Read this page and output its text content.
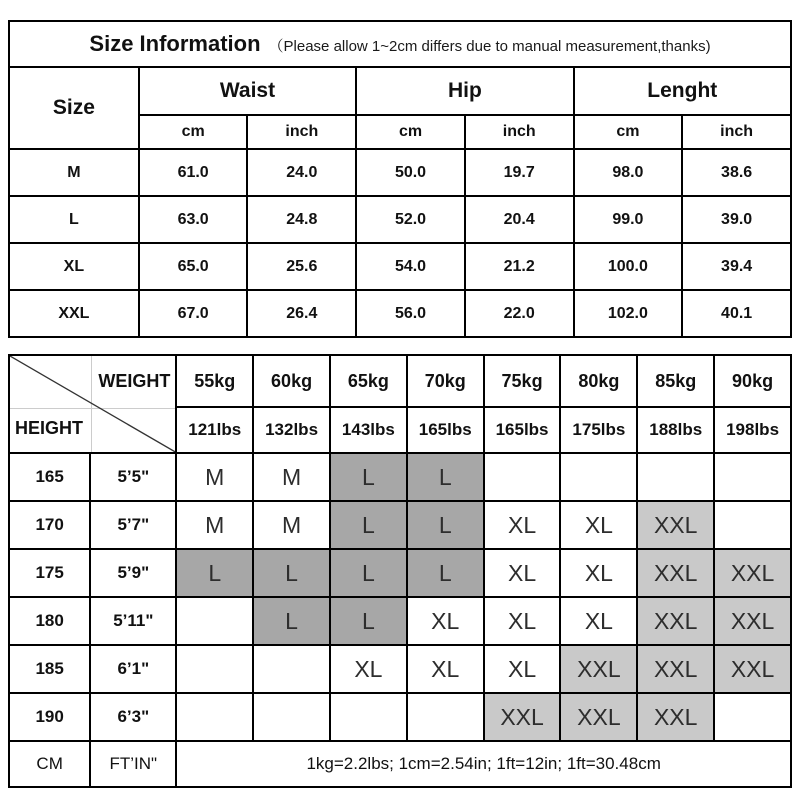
Size Information （Please allow 1~2cm differs due to manual measurement,thanks)						
Size	Waist		Hip		Lenght	
	cm	inch	cm	inch	cm	inch
M	61.0	24.0	50.0	19.7	98.0	38.6
L	63.0	24.8	52.0	20.4	99.0	39.0
XL	65.0	25.6	54.0	21.2	100.0	39.4
XXL	67.0	26.4	56.0	22.0	102.0	40.1
WEIGHT
HEIGHT		55kg	60kg	65kg	70kg	75kg	80kg	85kg	90kg
		121lbs	132lbs	143lbs	165lbs	165lbs	175lbs	188lbs	198lbs
165	5’5"	M	M	L	L				
170	5’7"	M	M	L	L	XL	XL	XXL	
175	5’9"	L	L	L	L	XL	XL	XXL	XXL
180	5’11"		L	L	XL	XL	XL	XXL	XXL
185	6’1"			XL	XL	XL	XXL	XXL	XXL
190	6’3"					XXL	XXL	XXL	
CM	FT’IN"	1kg=2.2lbs; 1cm=2.54in; 1ft=12in; 1ft=30.48cm							
